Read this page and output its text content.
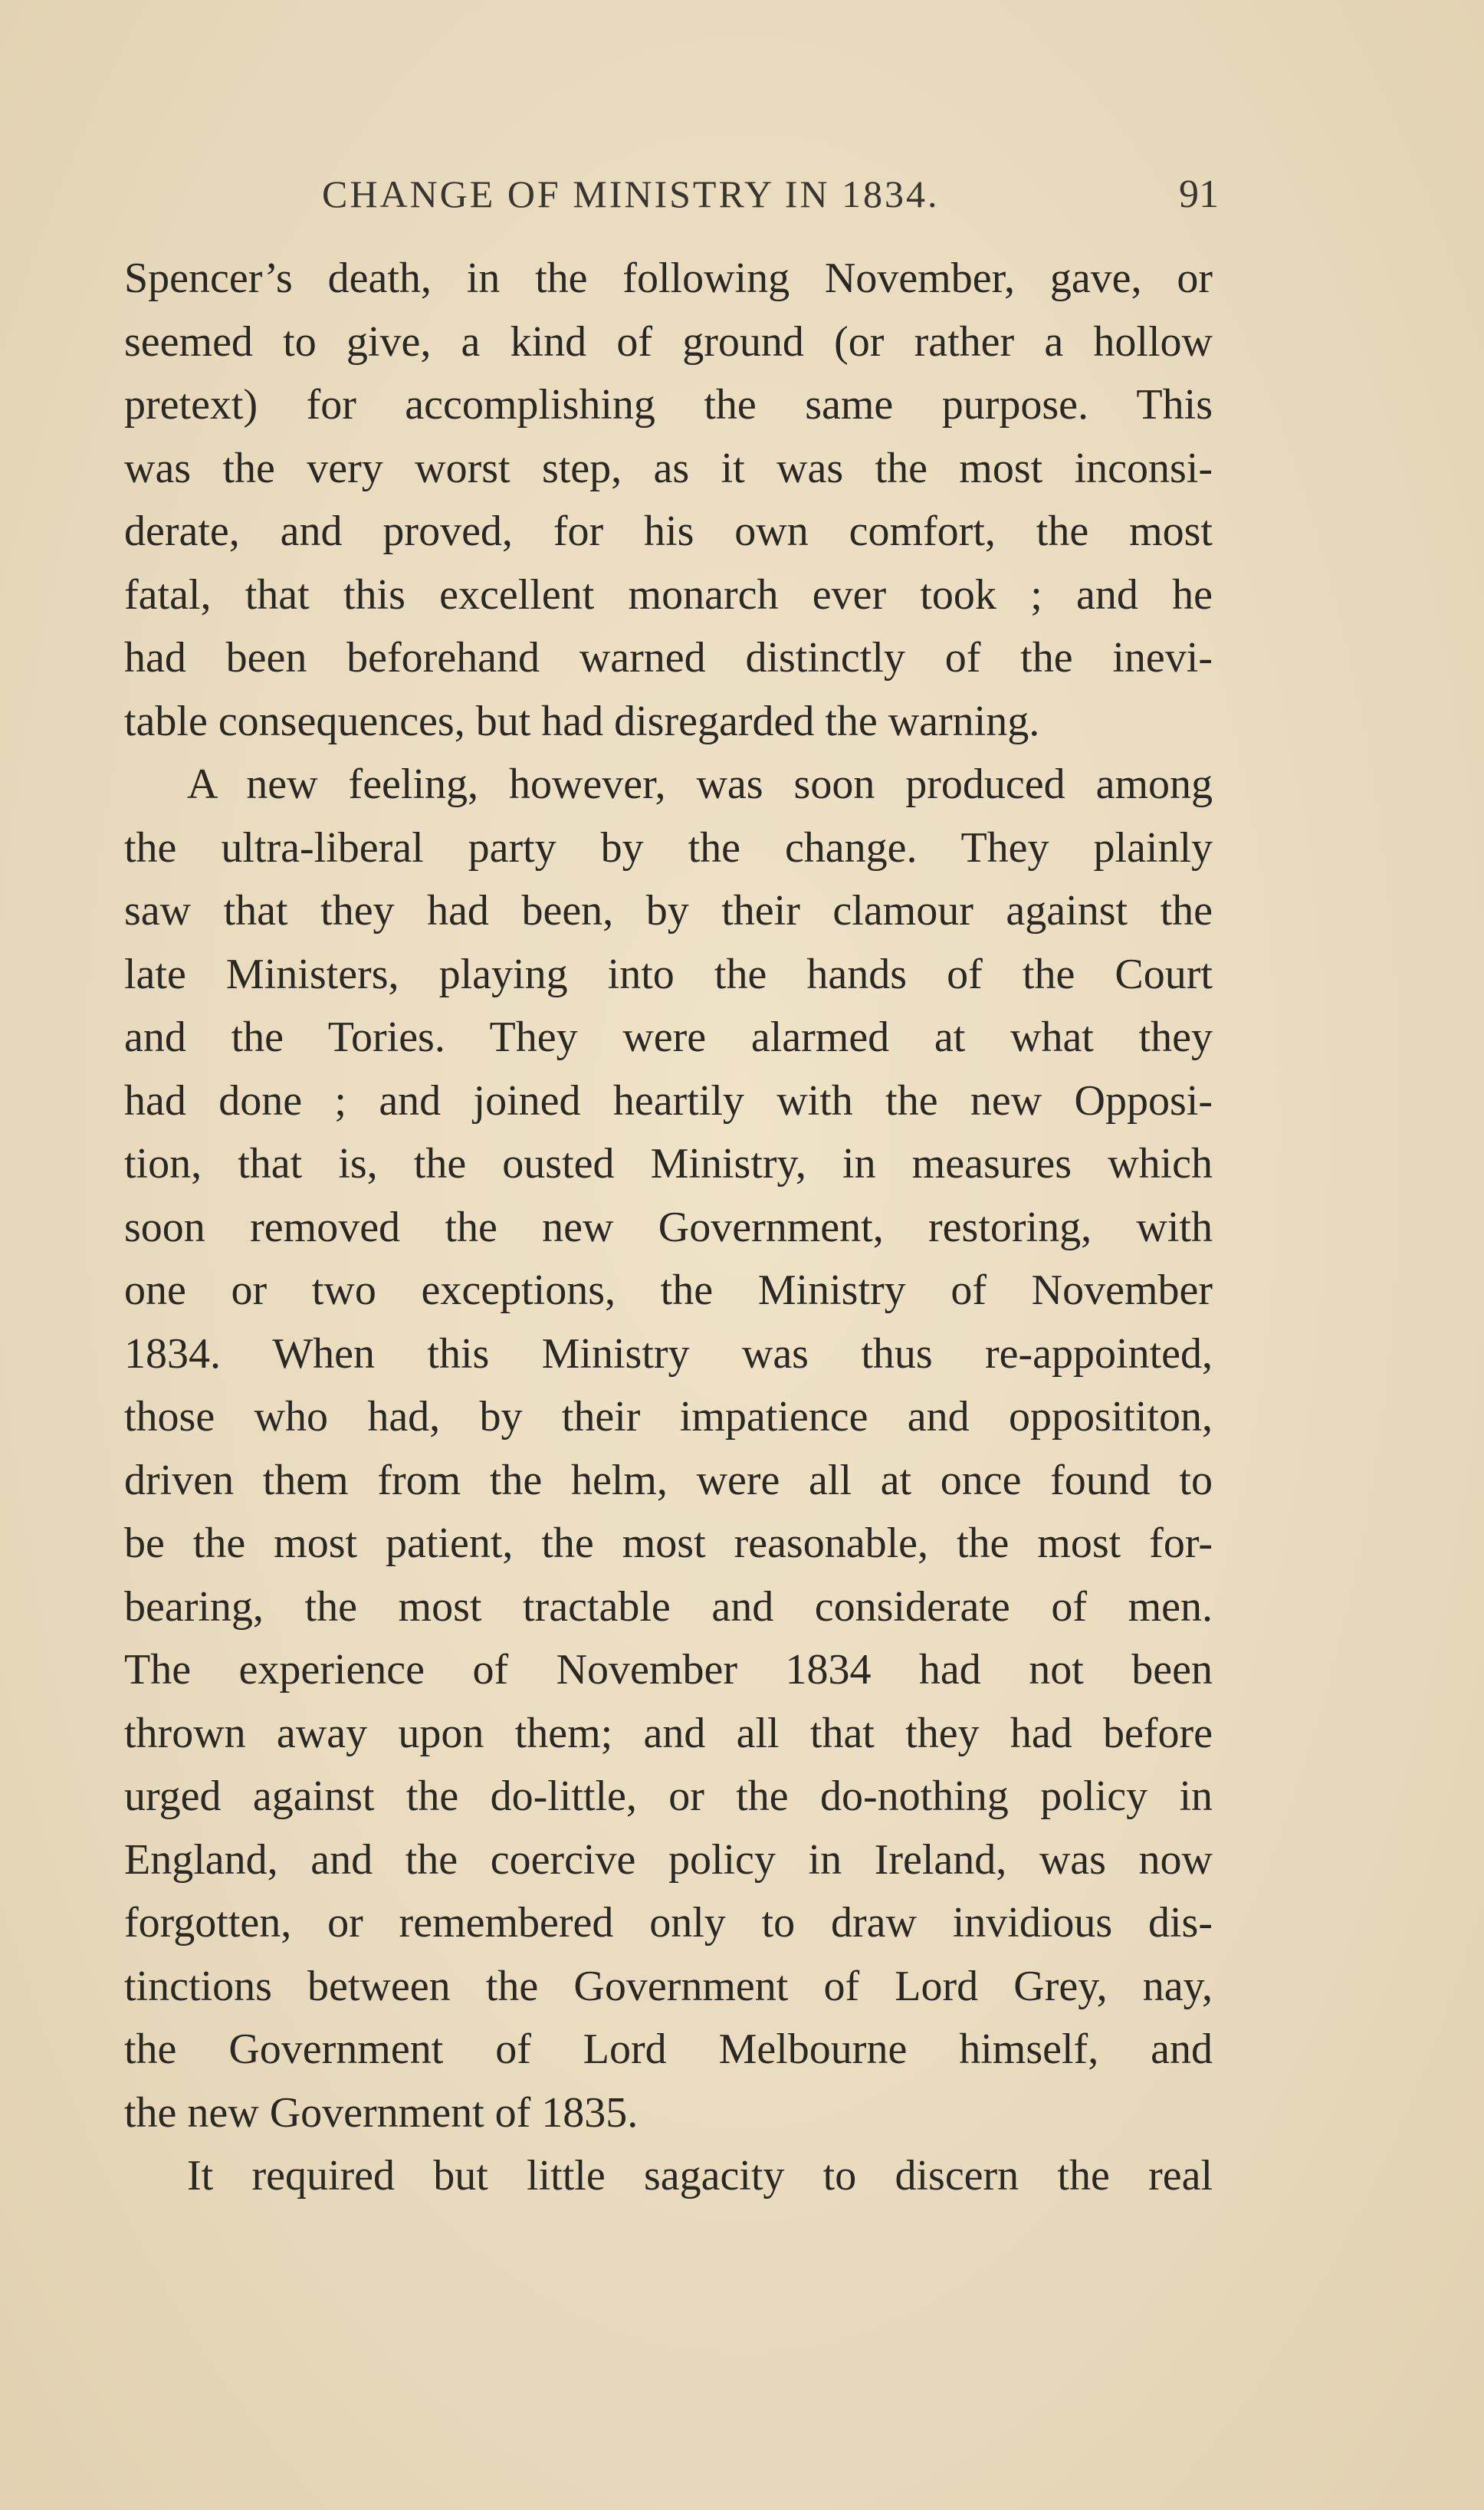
CHANGE OF MINISTRY IN 1834.	91
Spencer’s death, in the following November, gave, or
seemed to give, a kind of ground (or rather a hollow
pretext) for accomplishing the same purpose. This
was the very worst step, as it was the most inconsi-
derate, and proved, for his own comfort, the most
fatal, that this excellent monarch ever took ; and he
had been beforehand warned distinctly of the inevi-
table consequences, but had disregarded the warning.
A new feeling, however, was soon produced among
the ultra-liberal party by the change. They plainly
saw that they had been, by their clamour against the
late Ministers, playing into the hands of the Court
and the Tories. They were alarmed at what they
had done ; and joined heartily with the new Opposi-
tion, that is, the ousted Ministry, in measures which
soon removed the new Government, restoring, with
one or two exceptions, the Ministry of November
1834. When this Ministry was thus re-appointed,
those who had, by their impatience and opposititon,
driven them from the helm, were all at once found to
be the most patient, the most reasonable, the most for-
bearing, the most tractable and considerate of men.
The experience of November 1834 had not been
thrown away upon them; and all that they had before
urged against the do-little, or the do-nothing policy in
England, and the coercive policy in Ireland, was now
forgotten, or remembered only to draw invidious dis-
tinctions between the Government of Lord Grey, nay,
the Government of Lord Melbourne himself, and
the new Government of 1835.
It required but little sagacity to discern the real
